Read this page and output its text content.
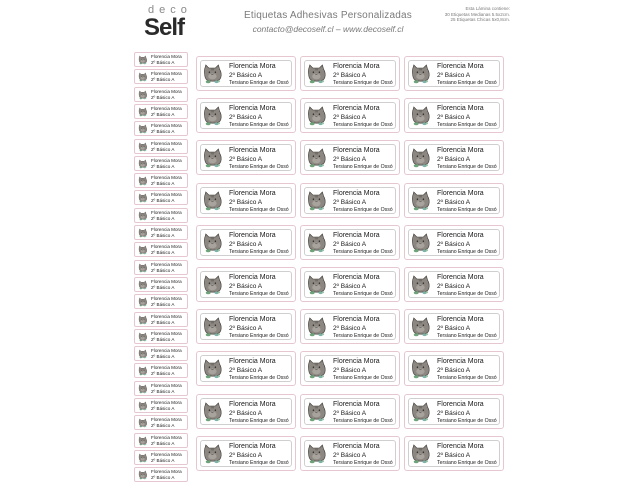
deco
Self	Etiquetas Adhesivas Personalizadas
contacto@decoself.cl – www.decoself.cl
Esta Lámina contiene:
30 Etiquetas Medianas 5.5x2cm.
25 Etiquetas Chicas 5x0,8cm.
Florencia Mora
2º Básico A
Florencia Mora
2º Básico A
Florencia Mora
2º Básico A
Florencia Mora
2º Básico A
Florencia Mora
2º Básico A
Florencia Mora
2º Básico A
Florencia Mora
2º Básico A
Florencia Mora
2º Básico A
Florencia Mora
2º Básico A
Florencia Mora
2º Básico A
Florencia Mora
2º Básico A
Florencia Mora
2º Básico A
Florencia Mora
2º Básico A
Florencia Mora
2º Básico A
Florencia Mora
2º Básico A
Florencia Mora
2º Básico A
Florencia Mora
2º Básico A
Florencia Mora
2º Básico A
Florencia Mora
2º Básico A
Florencia Mora
2º Básico A
Florencia Mora
2º Básico A
Florencia Mora
2º Básico A
Florencia Mora
2º Básico A
Florencia Mora
2º Básico A
Florencia Mora
2º Básico A
Florencia Mora
2º Básico A
Tersiano Enrique de Ossó
Florencia Mora
2º Básico A
Tersiano Enrique de Ossó
Florencia Mora
2º Básico A
Tersiano Enrique de Ossó
Florencia Mora
2º Básico A
Tersiano Enrique de Ossó
Florencia Mora
2º Básico A
Tersiano Enrique de Ossó
Florencia Mora
2º Básico A
Tersiano Enrique de Ossó
Florencia Mora
2º Básico A
Tersiano Enrique de Ossó
Florencia Mora
2º Básico A
Tersiano Enrique de Ossó
Florencia Mora
2º Básico A
Tersiano Enrique de Ossó
Florencia Mora
2º Básico A
Tersiano Enrique de Ossó
Florencia Mora
2º Básico A
Tersiano Enrique de Ossó
Florencia Mora
2º Básico A
Tersiano Enrique de Ossó
Florencia Mora
2º Básico A
Tersiano Enrique de Ossó
Florencia Mora
2º Básico A
Tersiano Enrique de Ossó
Florencia Mora
2º Básico A
Tersiano Enrique de Ossó
Florencia Mora
2º Básico A
Tersiano Enrique de Ossó
Florencia Mora
2º Básico A
Tersiano Enrique de Ossó
Florencia Mora
2º Básico A
Tersiano Enrique de Ossó
Florencia Mora
2º Básico A
Tersiano Enrique de Ossó
Florencia Mora
2º Básico A
Tersiano Enrique de Ossó
Florencia Mora
2º Básico A
Tersiano Enrique de Ossó
Florencia Mora
2º Básico A
Tersiano Enrique de Ossó
Florencia Mora
2º Básico A
Tersiano Enrique de Ossó
Florencia Mora
2º Básico A
Tersiano Enrique de Ossó
Florencia Mora
2º Básico A
Tersiano Enrique de Ossó
Florencia Mora
2º Básico A
Tersiano Enrique de Ossó
Florencia Mora
2º Básico A
Tersiano Enrique de Ossó
Florencia Mora
2º Básico A
Tersiano Enrique de Ossó
Florencia Mora
2º Básico A
Tersiano Enrique de Ossó
Florencia Mora
2º Básico A
Tersiano Enrique de Ossó
